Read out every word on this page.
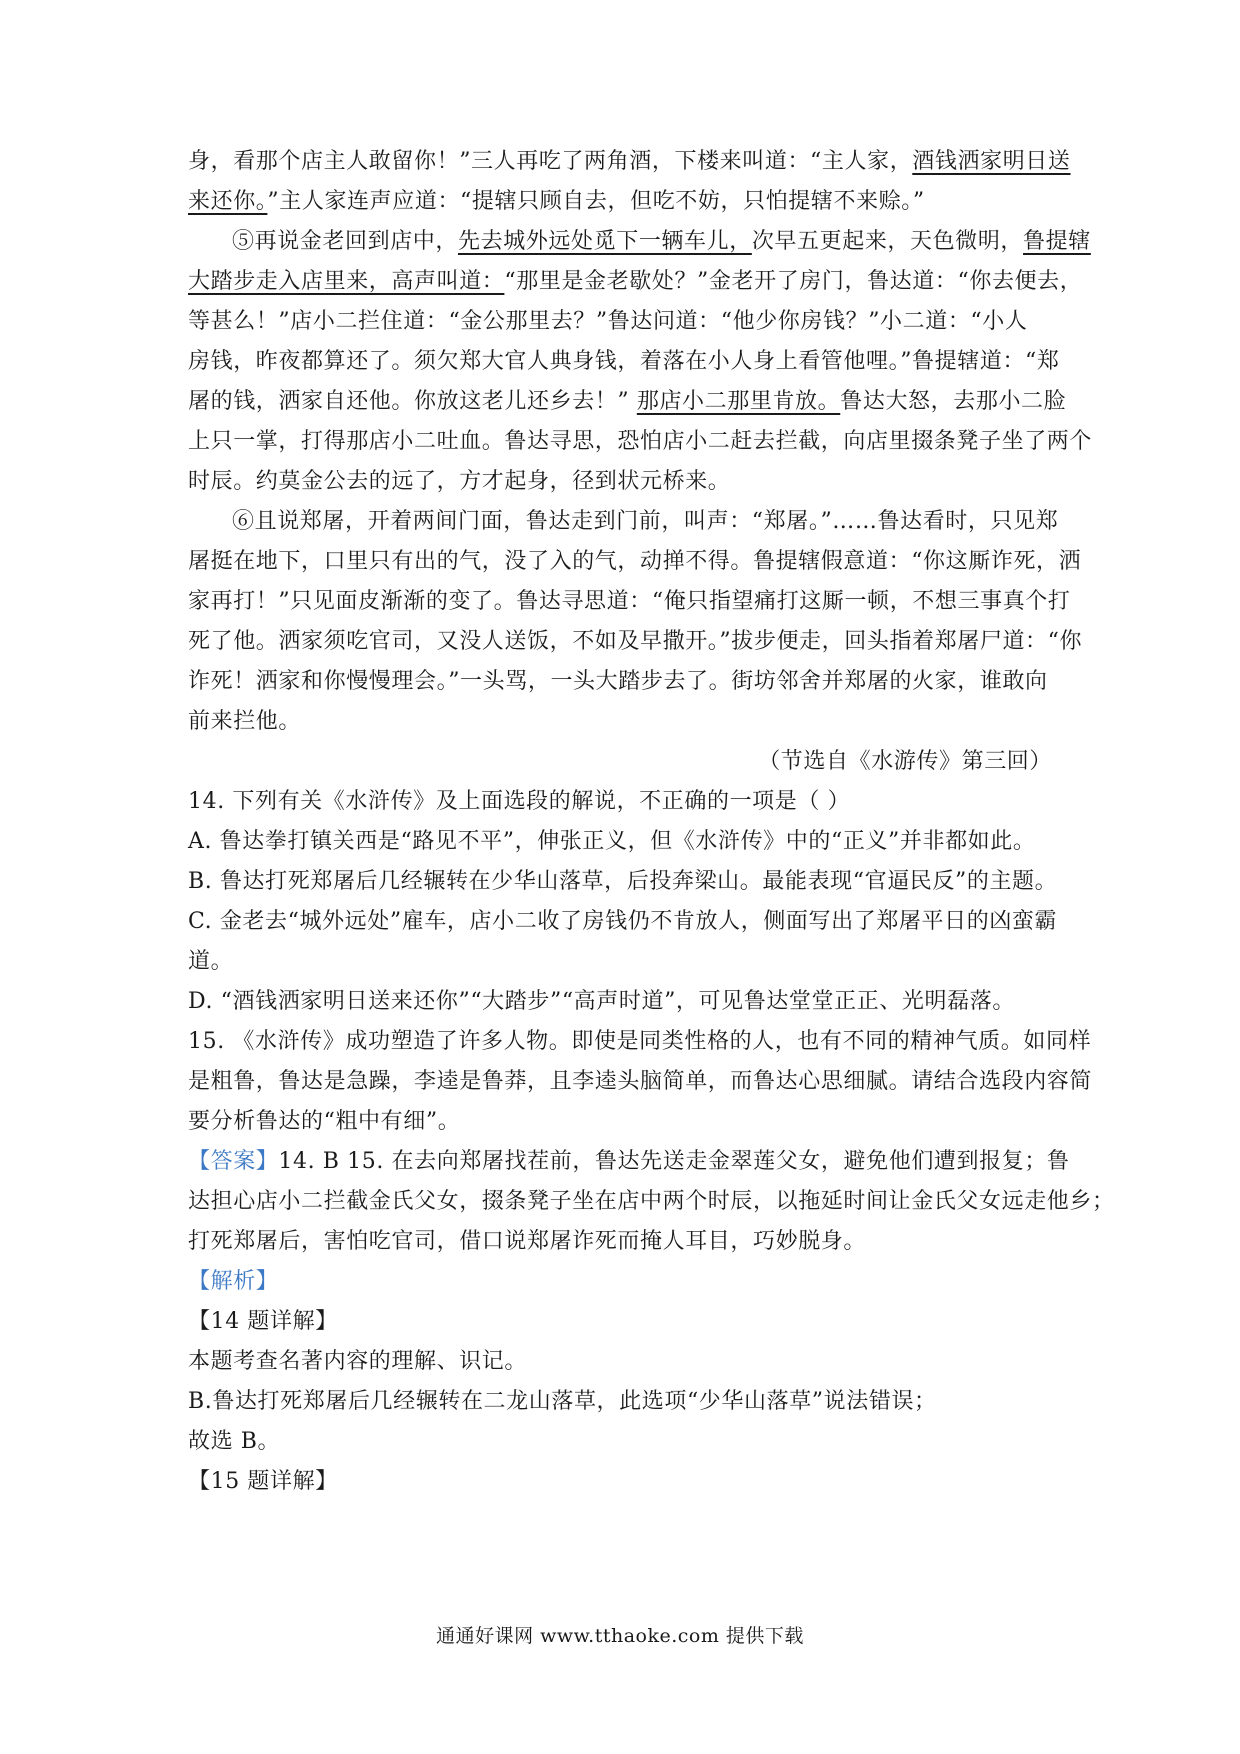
身，看那个店主人敢留你！”三人再吃了两角酒，下楼来叫道：“主人家，酒钱洒家明日送
来还你。”主人家连声应道：“提辖只顾自去，但吃不妨，只怕提辖不来赊。”
⑤再说金老回到店中，先去城外远处觅下一辆车儿，次早五更起来，天色微明，鲁提辖
大踏步走入店里来，高声叫道：“那里是金老歇处？”金老开了房门，鲁达道：“你去便去，
等甚么！”店小二拦住道：“金公那里去？”鲁达问道：“他少你房钱？”小二道：“小人
房钱，昨夜都算还了。须欠郑大官人典身钱，着落在小人身上看管他哩。”鲁提辖道：“郑
屠的钱，洒家自还他。你放这老儿还乡去！” 那店小二那里肯放。鲁达大怒，去那小二脸
上只一掌，打得那店小二吐血。鲁达寻思，恐怕店小二赶去拦截，向店里掇条凳子坐了两个
时辰。约莫金公去的远了，方才起身，径到状元桥来。
⑥且说郑屠，开着两间门面，鲁达走到门前，叫声：“郑屠。”……鲁达看时，只见郑
屠挺在地下，口里只有出的气，没了入的气，动掸不得。鲁提辖假意道：“你这厮诈死，洒
家再打！”只见面皮渐渐的变了。鲁达寻思道：“俺只指望痛打这厮一顿，不想三事真个打
死了他。洒家须吃官司，又没人送饭，不如及早撒开。”拔步便走，回头指着郑屠尸道：“你
诈死！洒家和你慢慢理会。”一头骂，一头大踏步去了。街坊邻舍并郑屠的火家，谁敢向
前来拦他。
（节选自《水游传》第三回）
14. 下列有关《水浒传》及上面选段的解说，不正确的一项是（ ）
A. 鲁达拳打镇关西是“路见不平”，伸张正义，但《水浒传》中的“正义”并非都如此。
B. 鲁达打死郑屠后几经辗转在少华山落草，后投奔梁山。最能表现“官逼民反”的主题。
C. 金老去“城外远处”雇车，店小二收了房钱仍不肯放人，侧面写出了郑屠平日的凶蛮霸
道。
D. “酒钱洒家明日送来还你”“大踏步”“高声时道”，可见鲁达堂堂正正、光明磊落。
15. 《水浒传》成功塑造了许多人物。即使是同类性格的人，也有不同的精神气质。如同样
是粗鲁，鲁达是急躁，李逵是鲁莽，且李逵头脑简单，而鲁达心思细腻。请结合选段内容简
要分析鲁达的“粗中有细”。
【答案】14. B 15. 在去向郑屠找茬前，鲁达先送走金翠莲父女，避免他们遭到报复；鲁
达担心店小二拦截金氏父女，掇条凳子坐在店中两个时辰，以拖延时间让金氏父女远走他乡；
打死郑屠后，害怕吃官司，借口说郑屠诈死而掩人耳目，巧妙脱身。
【解析】
【14 题详解】
本题考查名著内容的理解、识记。
B.鲁达打死郑屠后几经辗转在二龙山落草，此选项“少华山落草”说法错误；
故选 B。
【15 题详解】
通通好课网 www.tthaoke.com 提供下载
